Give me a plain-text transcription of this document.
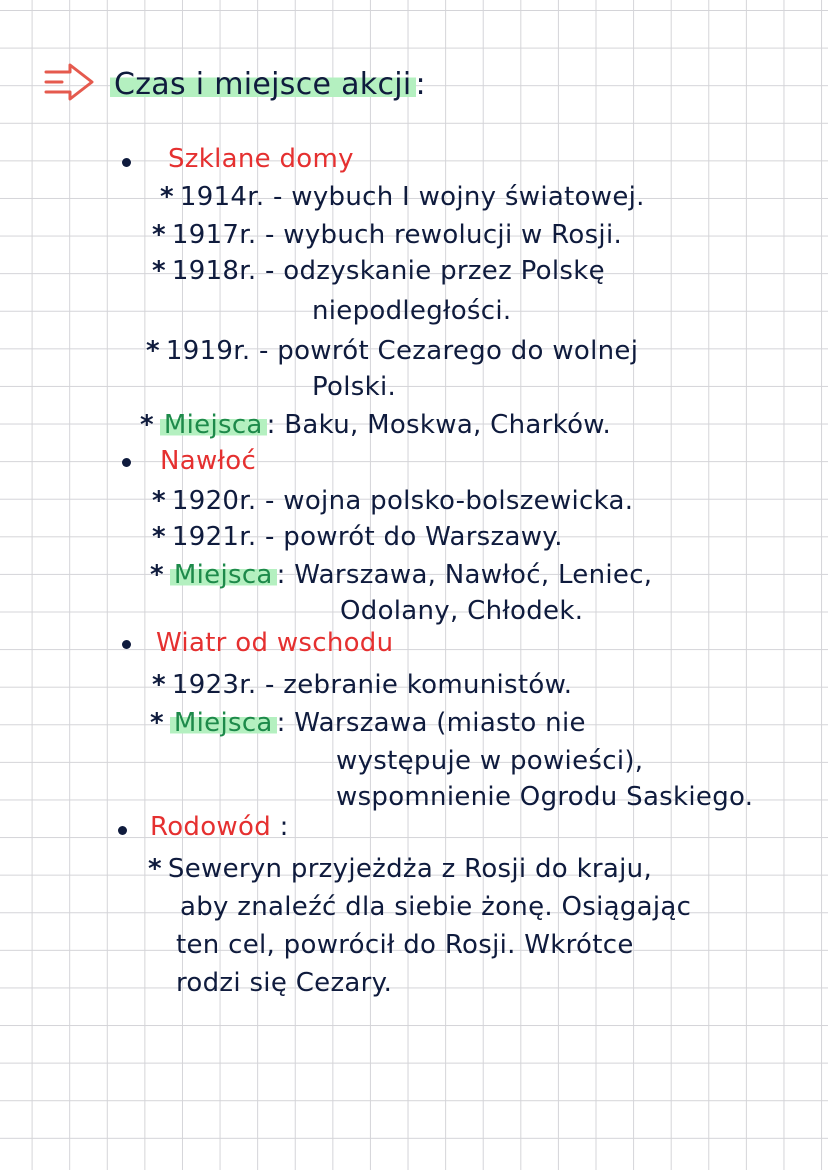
Czas i miejsce akcji :
Szklane domy
* 1914r. - wybuch I wojny światowej.
* 1917r. - wybuch rewolucji w Rosji.
* 1918r. - odzyskanie przez Polskę
niepodległości.
* 1919r. - powrót Cezarego do wolnej
Polski.
* Miejsca : Baku, Moskwa, Charków.
Nawłoć
* 1920r. - wojna polsko-bolszewicka.
* 1921r. - powrót do Warszawy.
* Miejsca : Warszawa, Nawłoć, Leniec,
Odolany, Chłodek.
Wiatr od wschodu
* 1923r. - zebranie komunistów.
* Miejsca : Warszawa (miasto nie
występuje w powieści),
wspomnienie Ogrodu Saskiego.
Rodowód :
* Seweryn przyjeżdża z Rosji do kraju,
aby znaleźć dla siebie żonę. Osiągając
ten cel, powrócił do Rosji. Wkrótce
rodzi się Cezary.
